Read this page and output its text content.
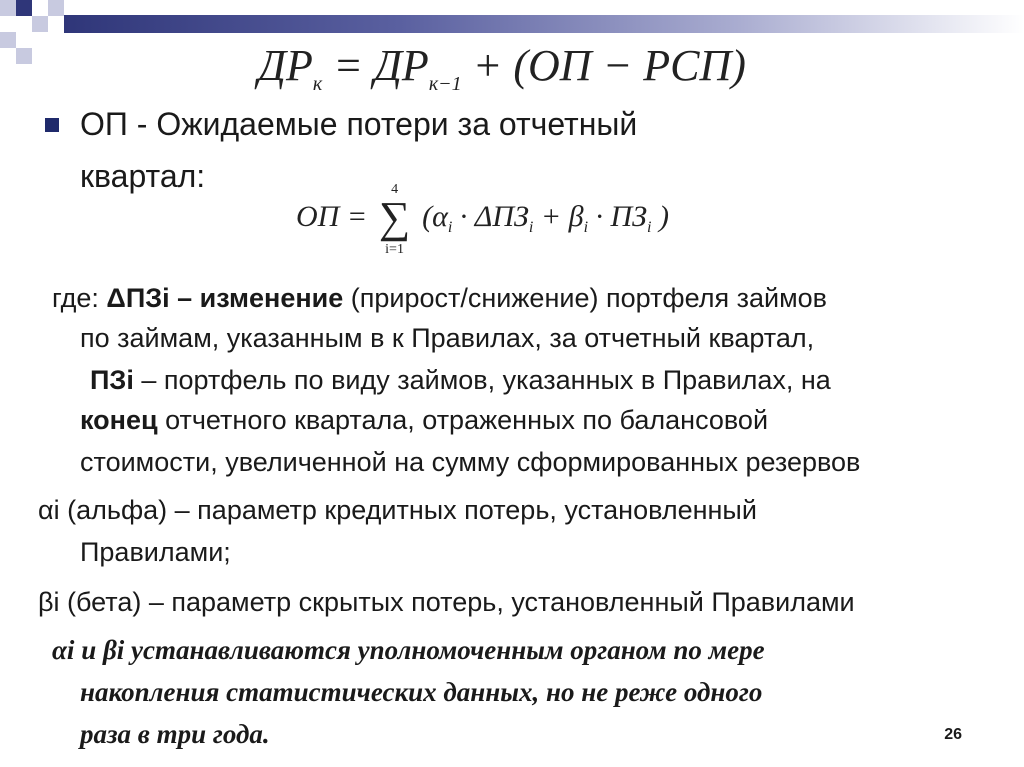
$ДР_к = ДР_{к-1} + (ОП - РСП)$
ОП - Ожидаемые потери за отчетный
квартал:
ОП =
4
∑
i=1
($\alpha_i \cdot \Delta ПЗ_i + \beta_i \cdot ПЗ_i$ )
где: ΔПЗi – изменение (прирост/снижение) портфеля займов
по займам, указанным в к Правилах, за отчетный квартал,
ПЗi – портфель по виду займов, указанных в Правилах, на
конец отчетного квартала, отраженных по балансовой
стоимости, увеличенной на сумму сформированных резервов
αi (альфа) – параметр кредитных потерь, установленный
Правилами;
βi (бета) – параметр скрытых потерь, установленный Правилами
αi и βi устанавливаются уполномоченным органом по мере
накопления статистических данных, но не реже одного
раза в три года.	26
